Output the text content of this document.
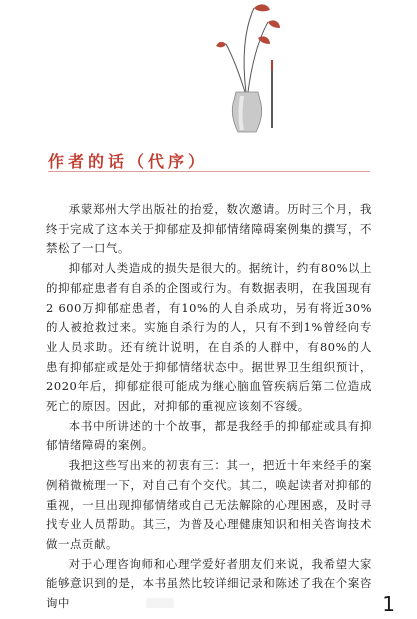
作者的话（代序）

承蒙郑州大学出版社的抬爱，数次邀请。历时三个月，我终于完成了这本关于抑郁症及抑郁情绪障碍案例集的撰写，不禁松了一口气。

抑郁对人类造成的损失是很大的。据统计，约有80%以上的抑郁症患者有自杀的企图或行为。有数据表明，在我国现有2 600万抑郁症患者，有10%的人自杀成功，另有将近30%的人被抢救过来。实施自杀行为的人，只有不到1%曾经向专业人员求助。还有统计说明，在自杀的人群中，有80%的人患有抑郁症或是处于抑郁情绪状态中。据世界卫生组织预计，2020年后，抑郁症很可能成为继心脑血管疾病后第二位造成死亡的原因。因此，对抑郁的重视应该刻不容缓。

本书中所讲述的十个故事，都是我经手的抑郁症或具有抑郁情绪障碍的案例。

我把这些写出来的初衷有三：其一，把近十年来经手的案例稍微梳理一下，对自己有个交代。其二，唤起读者对抑郁的重视，一旦出现抑郁情绪或自己无法解除的心理困惑，及时寻找专业人员帮助。其三，为普及心理健康知识和相关咨询技术做一点贡献。

对于心理咨询师和心理学爱好者朋友们来说，我希望大家能够意识到的是，本书虽然比较详细记录和陈述了我在个案咨询中	1
